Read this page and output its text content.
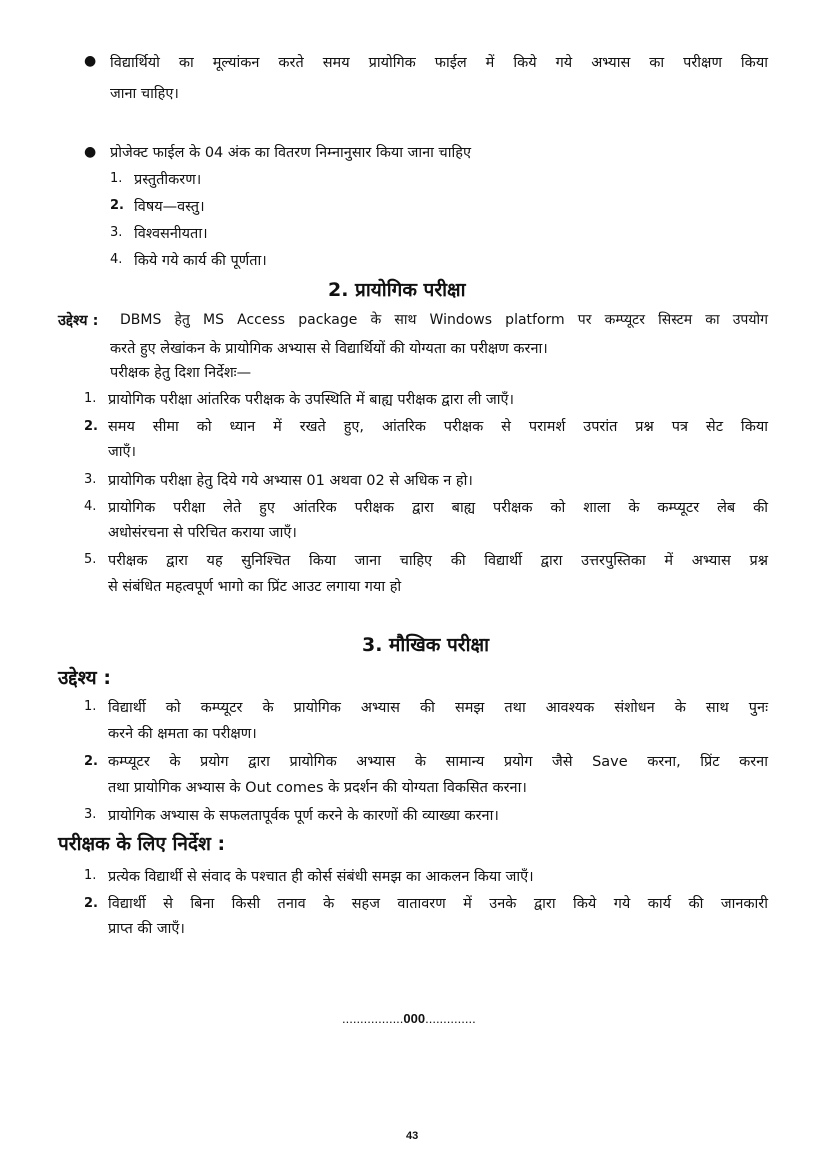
● विद्यार्थियो का मूल्यांकन करते समय प्रायोगिक फाईल में किये गये अभ्यास का परीक्षण किया
जाना चाहिए।
● प्रोजेक्ट फाईल के 04 अंक का वितरण निम्नानुसार किया जाना चाहिए
1. प्रस्तुतीकरण।
2. विषय—वस्तु।
3. विश्वसनीयता।
4. किये गये कार्य की पूर्णता।
2. प्रायोगिक परीक्षा
उद्देश्य : DBMS हेतु MS Access package के साथ Windows platform पर कम्प्यूटर सिस्टम का उपयोग
करते हुए लेखांकन के प्रायोगिक अभ्यास से विद्यार्थियों की योग्यता का परीक्षण करना।
परीक्षक हेतु दिशा निर्देशः—
1. प्रायोगिक परीक्षा आंतरिक परीक्षक के उपस्थिति में बाह्य परीक्षक द्वारा ली जाएँ।
2. समय सीमा को ध्यान में रखते हुए, आंतरिक परीक्षक से परामर्श उपरांत प्रश्न पत्र सेट किया
जाएँ।
3. प्रायोगिक परीक्षा हेतु दिये गये अभ्यास 01 अथवा 02 से अधिक न हो।
4. प्रायोगिक परीक्षा लेते हुए आंतरिक परीक्षक द्वारा बाह्य परीक्षक को शाला के कम्प्यूटर लेब की
अधोसंरचना से परिचित कराया जाएँ।
5. परीक्षक द्वारा यह सुनिश्चित किया जाना चाहिए की विद्यार्थी द्वारा उत्तरपुस्तिका में अभ्यास प्रश्न
से संबंधित महत्वपूर्ण भागो का प्रिंट आउट लगाया गया हो
3. मौखिक परीक्षा
उद्देश्य :
1. विद्यार्थी को कम्प्यूटर के प्रायोगिक अभ्यास की समझ तथा आवश्यक संशोधन के साथ पुनः
करने की क्षमता का परीक्षण।
2. कम्प्यूटर के प्रयोग द्वारा प्रायोगिक अभ्यास के सामान्य प्रयोग जैसे Save करना, प्रिंट करना
तथा प्रायोगिक अभ्यास के Out comes के प्रदर्शन की योग्यता विकसित करना।
3. प्रायोगिक अभ्यास के सफलतापूर्वक पूर्ण करने के कारणों की व्याख्या करना।
परीक्षक के लिए निर्देश :
1. प्रत्येक विद्यार्थी से संवाद के पश्चात ही कोर्स संबंधी समझ का आकलन किया जाएँ।
2. विद्यार्थी से बिना किसी तनाव के सहज वातावरण में उनके द्वारा किये गये कार्य की जानकारी
प्राप्त की जाएँ।
.................000..............
43
